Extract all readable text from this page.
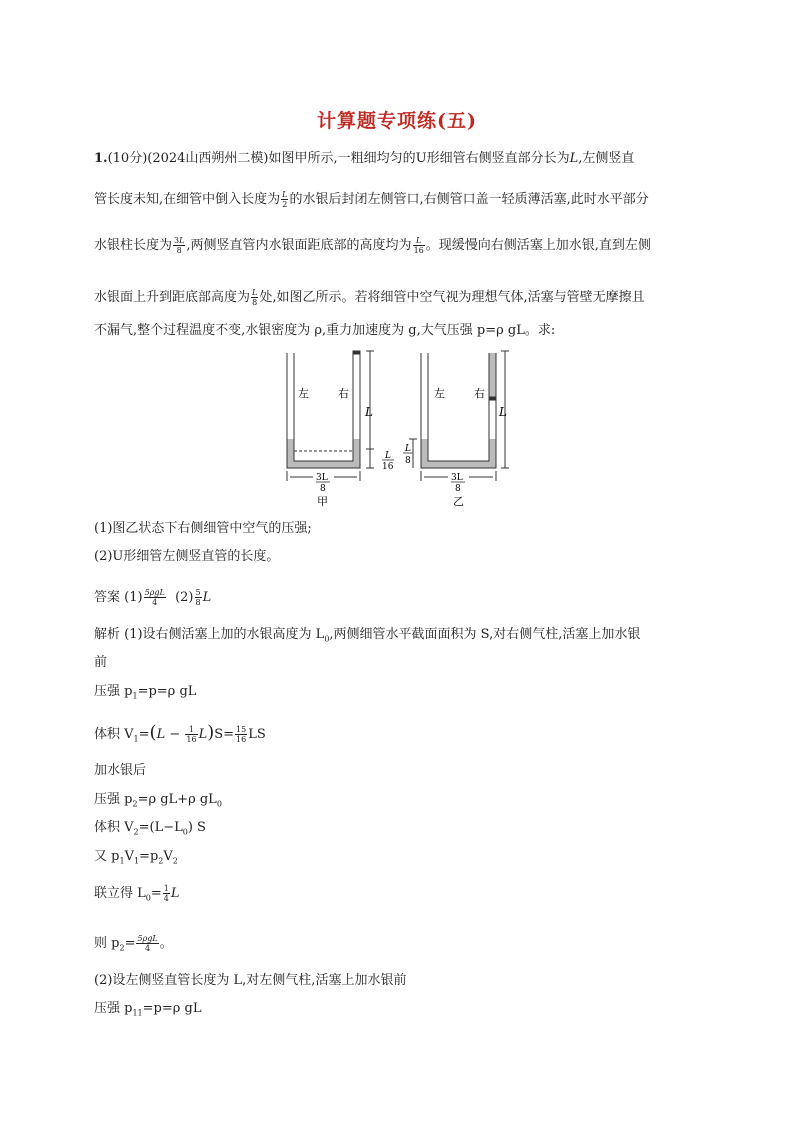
计算题专项练(五)
1.(10分)(2024山西朔州二模)如图甲所示,一粗细均匀的U形细管右侧竖直部分长为L,左侧竖直
管长度未知,在细管中倒入长度为 $\frac{L}{2}$ 的水银后封闭左侧管口,右侧管口盖一轻质薄活塞,此时水平部分
水银柱长度为 $\frac{3L}{8}$ ,两侧竖直管内水银面距底部的高度均为 $\frac{L}{16}$ 。现缓慢向右侧活塞上加水银,直到左侧
水银面上升到距底部高度为 $\frac{L}{8}$ 处,如图乙所示。若将细管中空气视为理想气体,活塞与管壁无摩擦且
不漏气,整个过程温度不变,水银密度为 ρ,重力加速度为 g,大气压强 p=ρ gL。求:
左	右
L
L
16
3L
8
甲
左	右
L
L
8
3L
8
乙
(1)图乙状态下右侧细管中空气的压强;
(2)U形细管左侧竖直管的长度。
答案 $(1) \frac{\text{5ρgL}}{4} (2) \frac{5}{8}$ L
解析 (1)设右侧活塞上加的水银高度为 $L_0$,两侧细管水平截面面积为 S,对右侧气柱,活塞上加水银
前
压强 $p_1=p=\rho$ gL
体积 $V_1=(L - \frac{1}{16} L)S= \frac{15}{16}$ LS
加水银后
压强 $p_2=\rho$ gL+ρ $gL_0$
体积 $V_2=(L-L_0)$ S
又 $p_1V_1=p_2V_2$
联立得 $L_0= \frac{1}{4}$ L
则 $p_2= \frac{\text{5ρgL}}{4}$ 。
(2)设左侧竖直管长度为 L,对左侧气柱,活塞上加水银前
压强 $p_{11}=p=\rho$ gL
